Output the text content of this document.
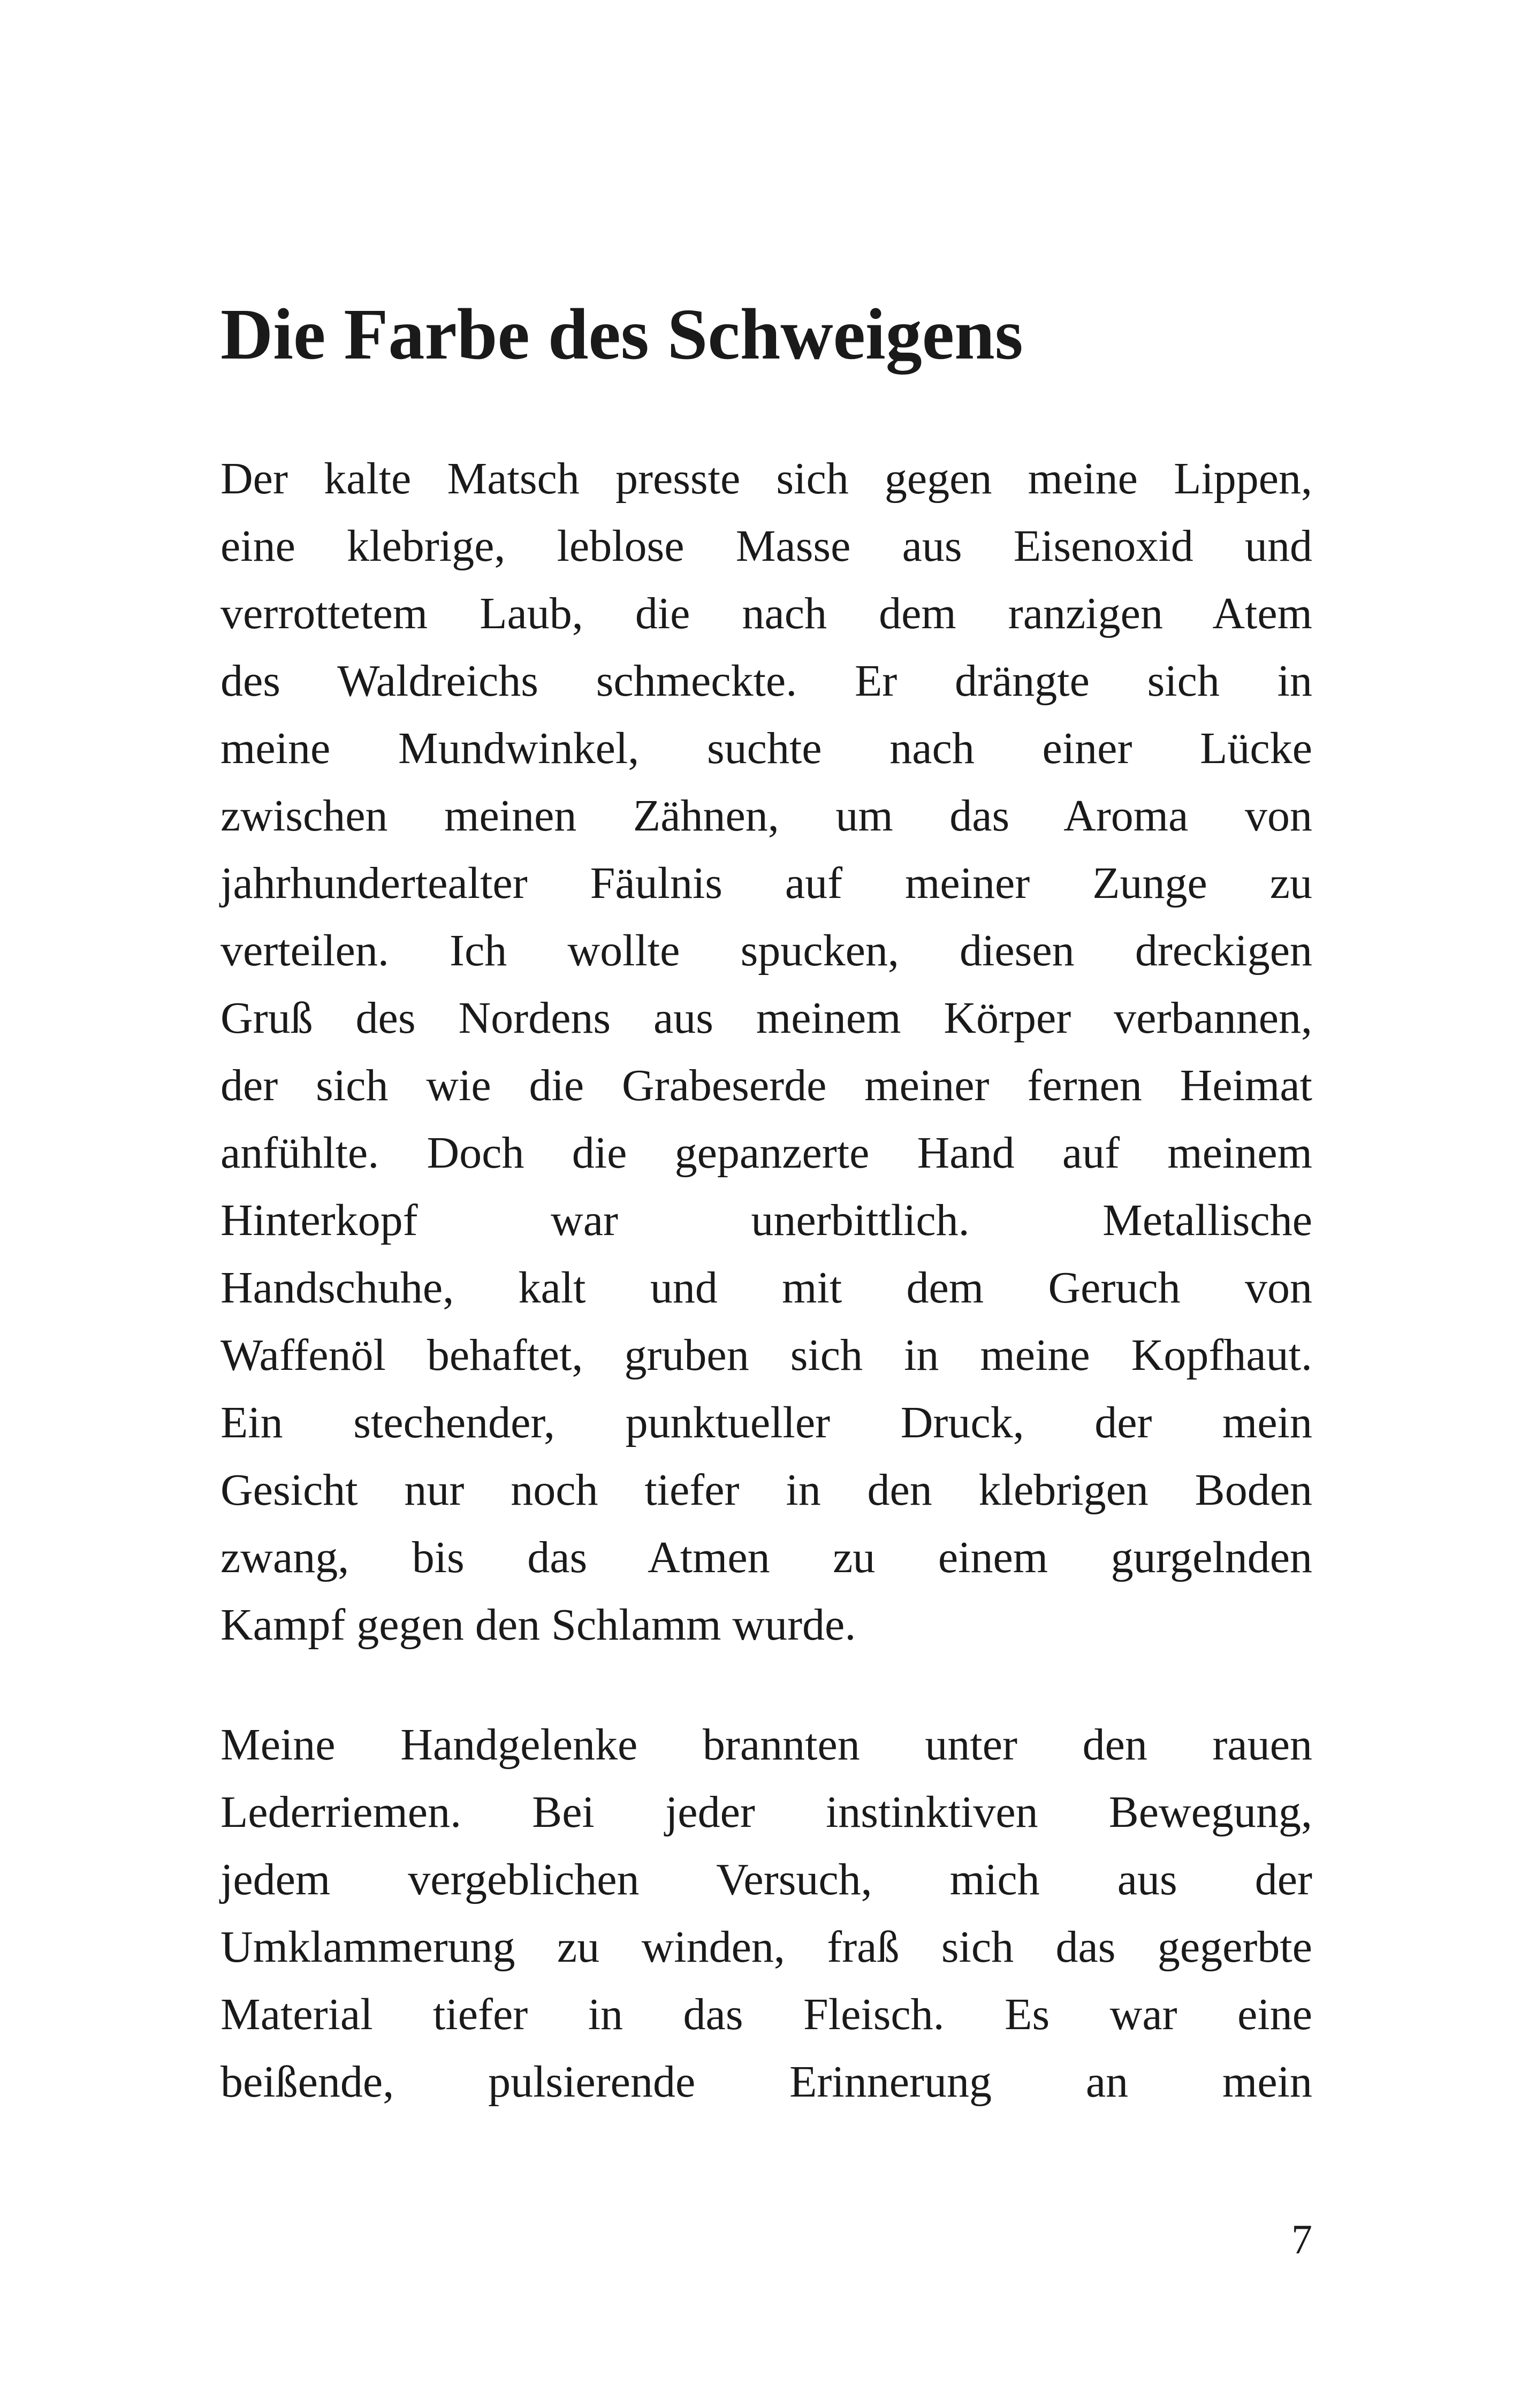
Die Farbe des Schweigens
Der kalte Matsch presste sich gegen meine Lippen,
eine klebrige, leblose Masse aus Eisenoxid und
verrottetem Laub, die nach dem ranzigen Atem
des Waldreichs schmeckte. Er drängte sich in
meine Mundwinkel, suchte nach einer Lücke
zwischen meinen Zähnen, um das Aroma von
jahrhundertealter Fäulnis auf meiner Zunge zu
verteilen. Ich wollte spucken, diesen dreckigen
Gruß des Nordens aus meinem Körper verbannen,
der sich wie die Grabeserde meiner fernen Heimat
anfühlte. Doch die gepanzerte Hand auf meinem
Hinterkopf war unerbittlich. Metallische
Handschuhe, kalt und mit dem Geruch von
Waffenöl behaftet, gruben sich in meine Kopfhaut.
Ein stechender, punktueller Druck, der mein
Gesicht nur noch tiefer in den klebrigen Boden
zwang, bis das Atmen zu einem gurgelnden
Kampf gegen den Schlamm wurde.
Meine Handgelenke brannten unter den rauen
Lederriemen. Bei jeder instinktiven Bewegung,
jedem vergeblichen Versuch, mich aus der
Umklammerung zu winden, fraß sich das gegerbte
Material tiefer in das Fleisch. Es war eine
beißende, pulsierende Erinnerung an mein
7
